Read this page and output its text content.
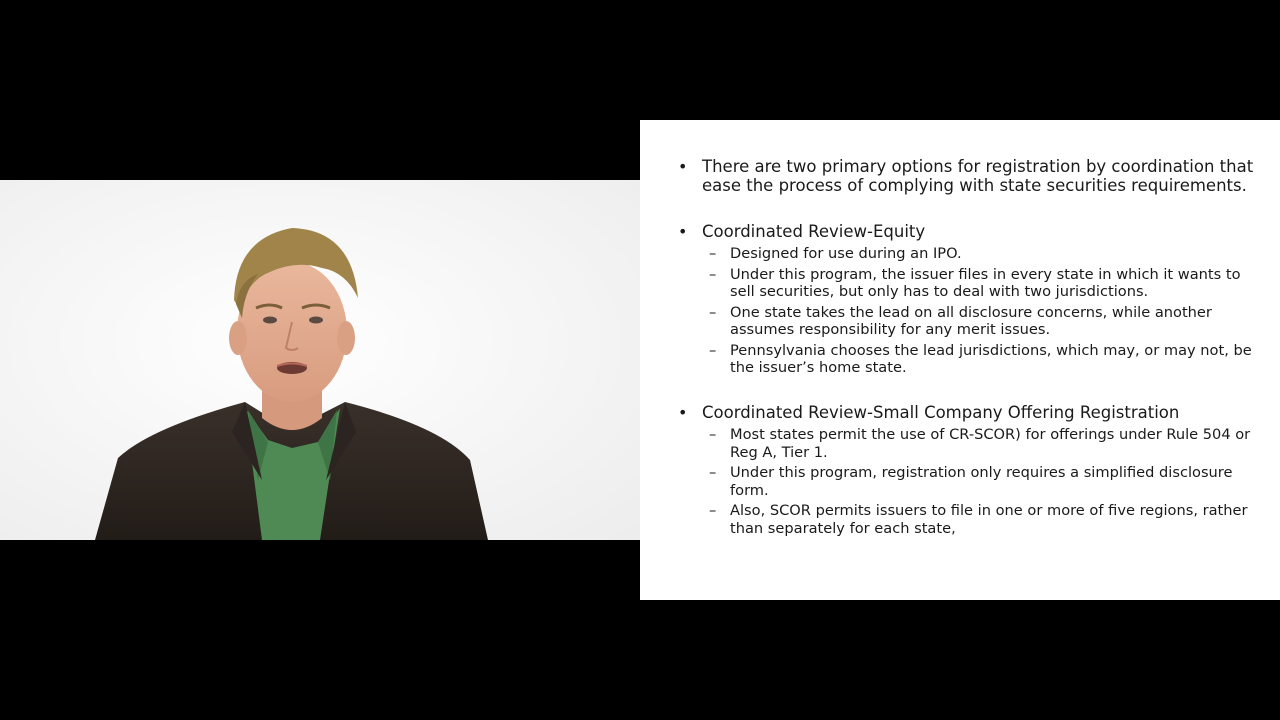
• There are two primary options for registration by coordination that ease the process of complying with state securities requirements.

• Coordinated Review-Equity

– Designed for use during an IPO.

– Under this program, the issuer files in every state in which it wants to sell securities, but only has to deal with two jurisdictions.

– One state takes the lead on all disclosure concerns, while another assumes responsibility for any merit issues.

– Pennsylvania chooses the lead jurisdictions, which may, or may not, be the issuer’s home state.

• Coordinated Review-Small Company Offering Registration

– Most states permit the use of CR-SCOR) for offerings under Rule 504 or Reg A, Tier 1.

– Under this program, registration only requires a simplified disclosure form.

– Also, SCOR permits issuers to file in one or more of five regions, rather than separately for each state,
